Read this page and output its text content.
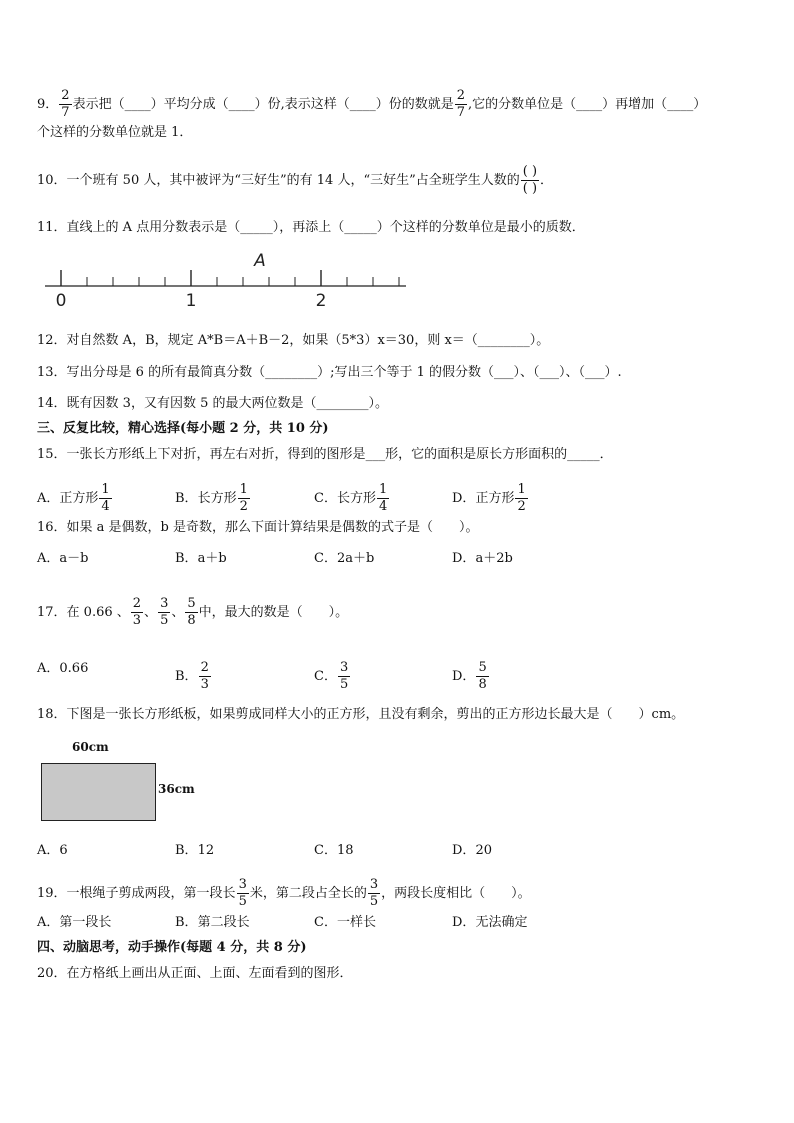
9． $\frac{2}{7}$ 表示把（____）平均分成（____）份,表示这样（____）份的数就是 $\frac{2}{7}$ ,它的分数单位是（____）再增加（____）
个这样的分数单位就是 1．
10．一个班有 50 人，其中被评为“三好生”的有 14 人，“三好生”占全班学生人数的
( )
( )
．
11．直线上的 A 点用分数表示是（_____），再添上（_____）个这样的分数单位是最小的质数．
0	1	2
A
12．对自然数 A，B，规定 A*B＝A＋B－2，如果（5*3）x＝30，则 x＝（________）。
13．写出分母是 6 的所有最简真分数（________）;写出三个等于 1 的假分数（___）、（___）、（___）.
14．既有因数 3，又有因数 5 的最大两位数是（________）。
三、反复比较，精心选择(每小题 2 分，共 10 分)
15．一张长方形纸上下对折，再左右对折，得到的图形是___形，它的面积是原长方形面积的_____．
A．正方形 $\frac{1}{4}$	B．长方形 $\frac{1}{2}$	C．长方形 $\frac{1}{4}$	D．正方形 $\frac{1}{2}$
16．如果 a 是偶数，b 是奇数，那么下面计算结果是偶数的式子是（　　）。
A．a－b	B．a＋b	C．2a＋b	D．a＋2b
17．在 0.66 、 $\frac{2}{3}$ 、 $\frac{3}{5}$ 、 $\frac{5}{8}$ 中，最大的数是（　　）。
A．0.66
B． $\frac{2}{3}$	C． $\frac{3}{5}$	D． $\frac{5}{8}$
18．下图是一张长方形纸板，如果剪成同样大小的正方形，且没有剩余，剪出的正方形边长最大是（　　）cm。
60cm
36cm
A．6	B．12	C．18	D．20
19．一根绳子剪成两段，第一段长 $\frac{3}{5}$ 米，第二段占全长的 $\frac{3}{5}$ ，两段长度相比（　　）。
A．第一段长	B．第二段长	C．一样长	D．无法确定
四、动脑思考，动手操作(每题 4 分，共 8 分)
20．在方格纸上画出从正面、上面、左面看到的图形．
